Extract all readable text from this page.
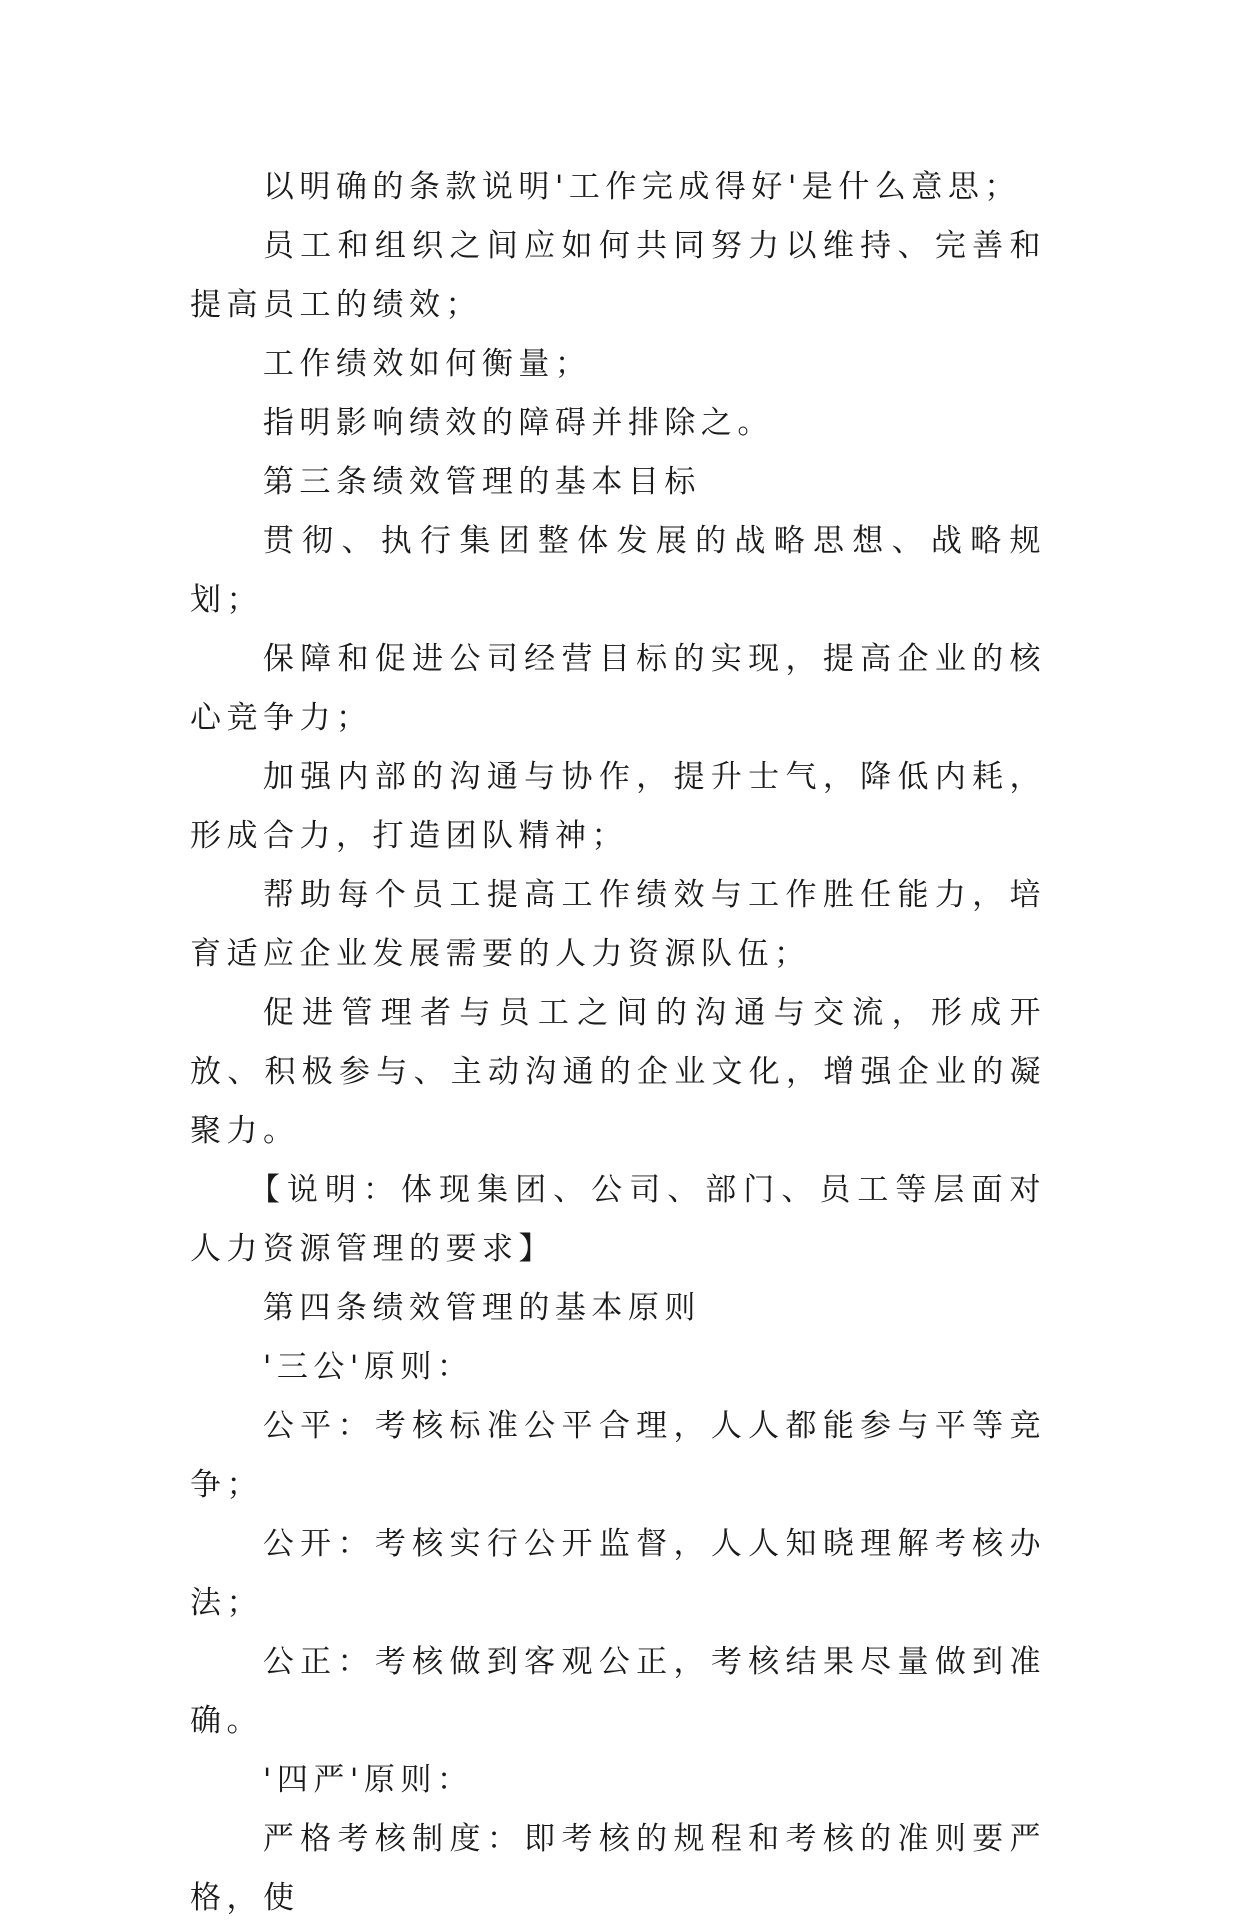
以明确的条款说明'工作完成得好'是什么意思；

员工和组织之间应如何共同努力以维持、完善和提高员工的绩效；

工作绩效如何衡量；

指明影响绩效的障碍并排除之。

第三条绩效管理的基本目标

贯彻、执行集团整体发展的战略思想、战略规划；

保障和促进公司经营目标的实现，提高企业的核心竞争力；

加强内部的沟通与协作，提升士气，降低内耗，形成合力，打造团队精神；

帮助每个员工提高工作绩效与工作胜任能力，培育适应企业发展需要的人力资源队伍；

促进管理者与员工之间的沟通与交流，形成开放、积极参与、主动沟通的企业文化，增强企业的凝聚力。

【说明：体现集团、公司、部门、员工等层面对人力资源管理的要求】

第四条绩效管理的基本原则

'三公'原则：

公平：考核标准公平合理，人人都能参与平等竞争；

公开：考核实行公开监督，人人知晓理解考核办法；

公正：考核做到客观公正，考核结果尽量做到准确。

'四严'原则：

严格考核制度：即考核的规程和考核的准则要严格，使
